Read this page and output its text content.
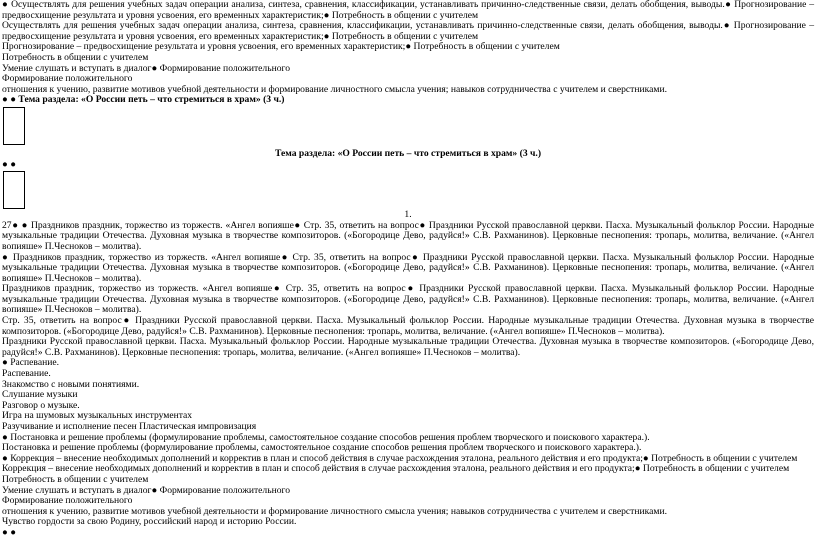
● Осуществлять для решения учебных задач операции анализа, синтеза, сравнения, классификации, устанавливать причинно-следственные связи, делать обобщения, выводы.● Прогнозирование – предвосхищение результата и уровня усвоения, его временных характеристик;● Потребность в общении с учителем

Осуществлять для решения учебных задач операции анализа, синтеза, сравнения, классификации, устанавливать причинно-следственные связи, делать обобщения, выводы.● Прогнозирование – предвосхищение результата и уровня усвоения, его временных характеристик;● Потребность в общении с учителем

Прогнозирование – предвосхищение результата и уровня усвоения, его временных характеристик;● Потребность в общении с учителем

Потребность в общении с учителем

Умение слушать и вступать в диалог● Формирование положительного

Формирование положительного

отношения к учению, развитие мотивов учебной деятельности и формирование личностного смысла учения; навыков сотрудничества с учителем и сверстниками.

● ● Тема раздела: «О России петь – что стремиться в храм» (3 ч.)

Тема раздела: «О России петь – что стремиться в храм» (3 ч.)

● ●

1.

27● ● Праздников праздник, торжество из торжеств. «Ангел вопияше● Стр. 35, ответить на вопрос● Праздники Русской православной церкви. Пасха. Музыкальный фольклор России. Народные музыкальные традиции Отечества. Духовная музыка в творчестве композиторов. («Богородице Дево, радуйся!» С.В. Рахманинов). Церковные песнопения: тропарь, молитва, величание. («Ангел вопияше» П.Чесноков – молитва).

● Праздников праздник, торжество из торжеств. «Ангел вопияше● Стр. 35, ответить на вопрос● Праздники Русской православной церкви. Пасха. Музыкальный фольклор России. Народные музыкальные традиции Отечества. Духовная музыка в творчестве композиторов. («Богородице Дево, радуйся!» С.В. Рахманинов). Церковные песнопения: тропарь, молитва, величание. («Ангел вопияше» П.Чесноков – молитва).

Праздников праздник, торжество из торжеств. «Ангел вопияше● Стр. 35, ответить на вопрос● Праздники Русской православной церкви. Пасха. Музыкальный фольклор России. Народные музыкальные традиции Отечества. Духовная музыка в творчестве композиторов. («Богородице Дево, радуйся!» С.В. Рахманинов). Церковные песнопения: тропарь, молитва, величание. («Ангел вопияше» П.Чесноков – молитва).

Стр. 35, ответить на вопрос● Праздники Русской православной церкви. Пасха. Музыкальный фольклор России. Народные музыкальные традиции Отечества. Духовная музыка в творчестве композиторов. («Богородице Дево, радуйся!» С.В. Рахманинов). Церковные песнопения: тропарь, молитва, величание. («Ангел вопияше» П.Чесноков – молитва).

Праздники Русской православной церкви. Пасха. Музыкальный фольклор России. Народные музыкальные традиции Отечества. Духовная музыка в творчестве композиторов. («Богородице Дево, радуйся!» С.В. Рахманинов). Церковные песнопения: тропарь, молитва, величание. («Ангел вопияше» П.Чесноков – молитва).

● Распевание.

Распевание.

Знакомство с новыми понятиями.

Слушание музыки

Разговор о музыке.

Игра на шумовых музыкальных инструментах

Разучивание и исполнение песен Пластическая импровизация

● Постановка и решение проблемы (формулирование проблемы, самостоятельное создание способов решения проблем творческого и поискового характера.).

Постановка и решение проблемы (формулирование проблемы, самостоятельное создание способов решения проблем творческого и поискового характера.).

● Коррекция – внесение необходимых дополнений и корректив в план и способ действия в случае расхождения эталона, реального действия и его продукта;● Потребность в общении с учителем

Коррекция – внесение необходимых дополнений и корректив в план и способ действия в случае расхождения эталона, реального действия и его продукта;● Потребность в общении с учителем

Потребность в общении с учителем

Умение слушать и вступать в диалог● Формирование положительного

Формирование положительного

отношения к учению, развитие мотивов учебной деятельности и формирование личностного смысла учения; навыков сотрудничества с учителем и сверстниками.

Чувство гордости за свою Родину, российский народ и историю России.

● ●
